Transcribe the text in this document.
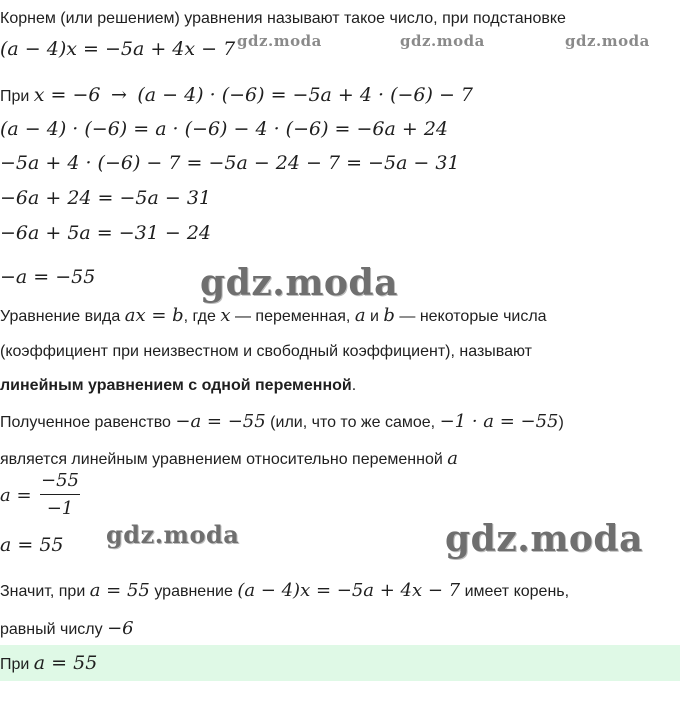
Корнем (или решением) уравнения называют такое число, при подстановке
(a − 4)x = −5a + 4x − 7 gdz.moda	gdz.moda	gdz.moda
При x = −6 → (a − 4) · (−6) = −5a + 4 · (−6) − 7
(a − 4) · (−6) = a · (−6) − 4 · (−6) = −6a + 24
−5a + 4 · (−6) − 7 = −5a − 24 − 7 = −5a − 31
−6a + 24 = −5a − 31
−6a + 5a = −31 − 24
−a = −55	gdz.moda
Уравнение вида ax = b, где x — переменная, a и b — некоторые числа
(коэффициент при неизвестном и свободный коэффициент), называют
линейным уравнением с одной переменной.
Полученное равенство −a = −55 (или, что то же самое, −1 · a = −55)
является линейным уравнением относительно переменной a
a =
−55
−1
a = 55 gdz.moda	gdz.moda
Значит, при a = 55 уравнение (a − 4)x = −5a + 4x − 7 имеет корень,
равный числу −6
При a = 55
